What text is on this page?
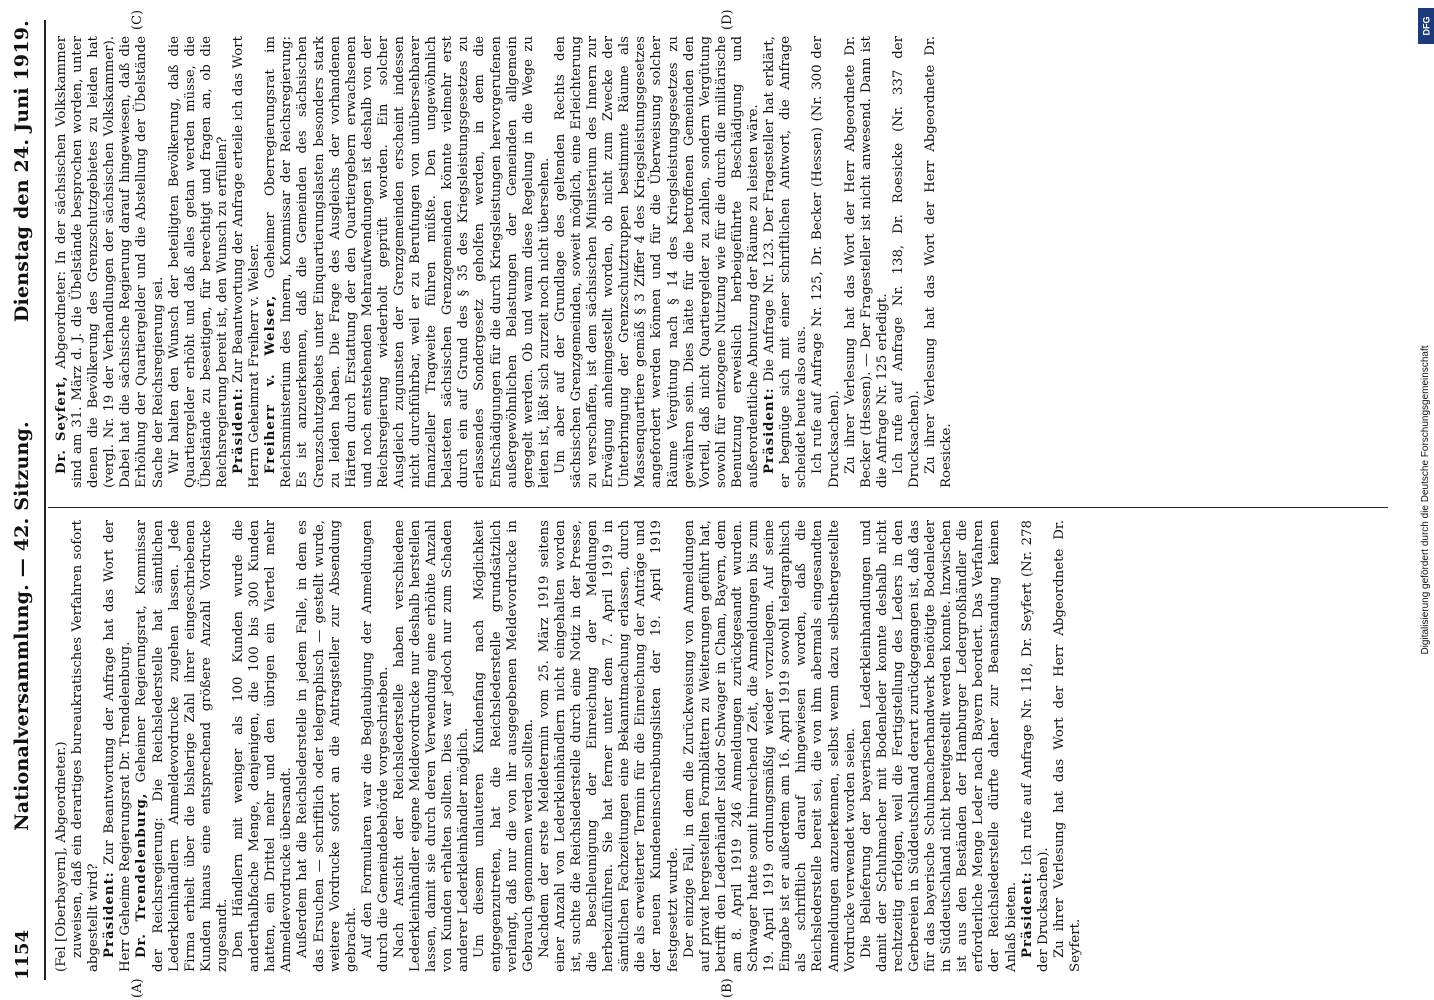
1154
Nationalversammlung. — 42. Sitzung.
Dienstag den 24. Juni 1919.
(A)	(B)
(C)	(D)

(Fel [Oberbayern], Abgeordneter.) zuweisen, daß ein derartiges bureaukratisches Verfahren sofort abgestellt wird? Präsident: Zur Beantwortung der Anfrage hat das Wort der Herr Geheime Regierungsrat Dr. Trendelenburg. Dr. Trendelenburg, Geheimer Regierungsrat, Kommissar der Reichsregierung: Die Reichslederstelle hat sämtlichen Lederkleinhändlern Anmeldevordrucke zugehen lassen. Jede Firma erhielt über die bisherige Zahl ihrer eingeschriebenen Kunden hinaus eine entsprechend größere Anzahl Vordrucke zugesandt. Den Händlern mit weniger als 100 Kunden wurde die anderthalbfache Menge, denjenigen, die 100 bis 300 Kunden hatten, ein Drittel mehr und den übrigen ein Viertel mehr Anmeldevordrucke übersandt. Außerdem hat die Reichslederstelle in jedem Falle, in dem es das Ersuchen — schriftlich oder telegraphisch — gestellt wurde, weitere Vordrucke sofort an die Antragsteller zur Absendung gebracht. Auf den Formularen war die Beglaubigung der Anmeldungen durch die Gemeindebehörde vorgeschrieben. Nach Ansicht der Reichslederstelle haben verschiedene Lederkleinhändler eigene Meldevordrucke nur deshalb herstellen lassen, damit sie durch deren Verwendung eine erhöhte Anzahl von Kunden erhalten sollten. Dies war jedoch nur zum Schaden anderer Lederkleinhändler möglich. Um diesem unlauteren Kundenfang nach Möglichkeit entgegenzutreten, hat die Reichslederstelle grundsätzlich verlangt, daß nur die von ihr ausgegebenen Meldevordrucke in Gebrauch genommen werden sollten. Nachdem der erste Meldetermin vom 25. März 1919 seitens einer Anzahl von Lederkleinhändlern nicht eingehalten worden ist, suchte die Reichslederstelle durch eine Notiz in der Presse, die Beschleunigung der Einreichung der Meldungen herbeizuführen. Sie hat ferner unter dem 7. April 1919 in sämtlichen Fachzeitungen eine Bekanntmachung erlassen, durch die als erweiterter Termin für die Einreichung der Anträge und der neuen Kundeneinschreibungslisten der 19. April 1919 festgesetzt wurde. Der einzige Fall, in dem die Zurückweisung von Anmeldungen auf privat hergestellten Formblättern zu Weiterungen geführt hat, betrifft den Lederhändler Isidor Schwager in Cham, Bayern, dem am 8. April 1919 246 Anmeldungen zurückgesandt wurden. Schwager hatte somit hinreichend Zeit, die Anmeldungen bis zum 19. April 1919 ordnungsmäßig wieder vorzulegen. Auf seine Eingabe ist er außerdem am 16. April 1919 sowohl telegraphisch als schriftlich darauf hingewiesen worden, daß die Reichslederstelle bereit sei, die von ihm abermals eingesandten Anmeldungen anzuerkennen, selbst wenn dazu selbsthergestellte Vordrucke verwendet worden seien. Die Belieferung der bayerischen Lederkleinhandlungen und damit der Schuhmacher mit Bodenleder konnte deshalb nicht rechtzeitig erfolgen, weil die Fertigstellung des Leders in den Gerbereien in Süddeutschland derart zurückgegangen ist, daß das für das bayerische Schuhmacherhandwerk benötigte Bodenleder in Süddeutschland nicht bereitgestellt werden konnte. Inzwischen ist aus den Beständen der Hamburger Ledergroßhändler die erforderliche Menge Leder nach Bayern beordert. Das Verfahren der Reichslederstelle dürfte daher zur Beanstandung keinen Anlaß bieten. Präsident: Ich rufe auf Anfrage Nr. 118, Dr. Seyfert (Nr. 278 der Drucksachen). Zu ihrer Verlesung hat das Wort der Herr Abgeordnete Dr. Seyfert.

Dr. Seyfert, Abgeordneter: In der sächsischen Volkskammer sind am 31. März d. J. die Übelstände besprochen worden, unter denen die Bevölkerung des Grenzschutzgebietes zu leiden hat (vergl. Nr. 19 der Verhandlungen der sächsischen Volkskammer). Dabei hat die sächsische Regierung darauf hingewiesen, daß die Erhöhung der Quartiergelder und die Abstellung der Übelstände Sache der Reichsregierung sei. Wir halten den Wunsch der beteiligten Bevölkerung, daß die Quartiergelder erhöht und daß alles getan werden müsse, die Übelstände zu beseitigen, für berechtigt und fragen an, ob die Reichsregierung bereit ist, den Wunsch zu erfüllen? Präsident: Zur Beantwortung der Anfrage erteile ich das Wort Herrn Geheimrat Freiherr v. Welser. Freiherr v. Welser, Geheimer Oberregierungsrat im Reichsministerium des Innern, Kommissar der Reichsregierung: Es ist anzuerkennen, daß die Gemeinden des sächsischen Grenzschutzgebiets unter Einquartierungslasten besonders stark zu leiden haben. Die Frage des Ausgleichs der vorhandenen Härten durch Erstattung der den Quartiergebern erwachsenen und noch entstehenden Mehraufwendungen ist deshalb von der Reichsregierung wiederholt geprüft worden. Ein solcher Ausgleich zugunsten der Grenzgemeinden erscheint indessen nicht durchführbar, weil er zu Berufungen von unübersehbarer finanzieller Tragweite führen müßte. Den ungewöhnlich belasteten sächsischen Grenzgemeinden könnte vielmehr erst durch ein auf Grund des § 35 des Kriegsleistungsgesetzes zu erlassendes Sondergesetz geholfen werden, in dem die Entschädigungen für die durch Kriegsleistungen hervorgerufenen außergewöhnlichen Belastungen der Gemeinden allgemein geregelt werden. Ob und wann diese Regelung in die Wege zu leiten ist, läßt sich zurzeit noch nicht übersehen. Um aber auf der Grundlage des geltenden Rechts den sächsischen Grenzgemeinden, soweit möglich, eine Erleichterung zu verschaffen, ist dem sächsischen Ministerium des Innern zur Erwägung anheimgestellt worden, ob nicht zum Zwecke der Unterbringung der Grenzschutztruppen bestimmte Räume als Massenquartiere gemäß § 3 Ziffer 4 des Kriegsleistungsgesetzes angefordert werden können und für die Überweisung solcher Räume Vergütung nach § 14 des Kriegsleistungsgesetzes zu gewähren sein. Dies hätte für die betroffenen Gemeinden den Vorteil, daß nicht Quartiergelder zu zahlen, sondern Vergütung sowohl für entzogene Nutzung wie für die durch die militärische Benutzung erweislich herbeigeführte Beschädigung und außerordentliche Abnutzung der Räume zu leisten wäre. Präsident: Die Anfrage Nr. 123. Der Fragesteller hat erklärt, er begnüge sich mit einer schriftlichen Antwort, die Anfrage scheidet heute also aus. Ich rufe auf Anfrage Nr. 125, Dr. Becker (Hessen) (Nr. 300 der Drucksachen). Zu ihrer Verlesung hat das Wort der Herr Abgeordnete Dr. Becker (Hessen). — Der Fragesteller ist nicht anwesend. Dann ist die Anfrage Nr. 125 erledigt. Ich rufe auf Anfrage Nr. 138, Dr. Roesicke (Nr. 337 der Drucksachen). Zu ihrer Verlesung hat das Wort der Herr Abgeordnete Dr. Roesicke.	Digitalisierung gefördert durch die Deutsche Forschungsgemeinschaft
DFG
